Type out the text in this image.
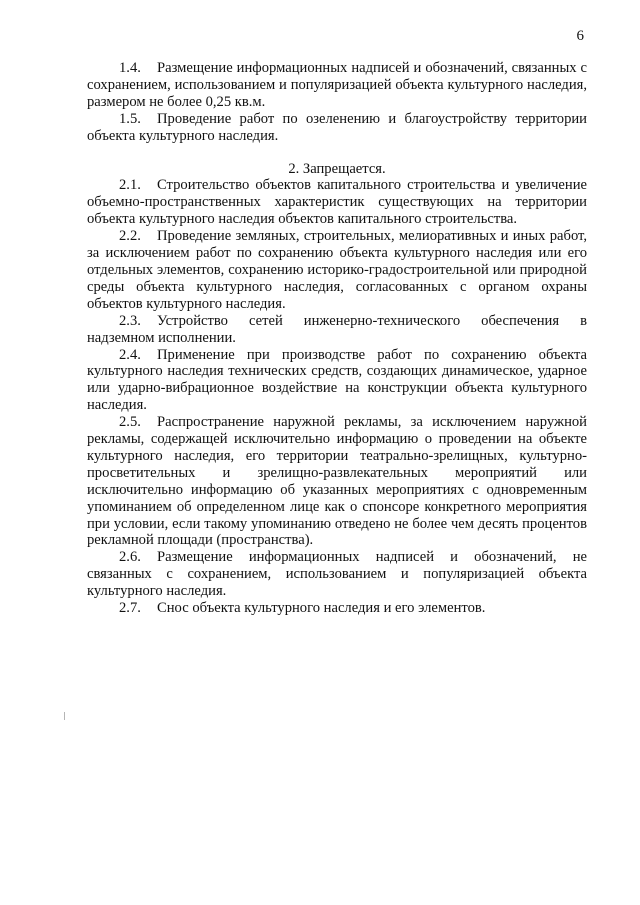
6

1.4. Размещение информационных надписей и обозначений, связанных с сохранением, использованием и популяризацией объекта культурного наследия, размером не более 0,25 кв.м.

1.5. Проведение работ по озеленению и благоустройству территории объекта культурного наследия.

2. Запрещается.

2.1. Строительство объектов капитального строительства и увеличение объемно-пространственных характеристик существующих на территории объекта культурного наследия объектов капитального строительства.

2.2. Проведение земляных, строительных, мелиоративных и иных работ, за исключением работ по сохранению объекта культурного наследия или его отдельных элементов, сохранению историко-градостроительной или природной среды объекта культурного наследия, согласованных с органом охраны объектов культурного наследия.

2.3. Устройство сетей инженерно-технического обеспечения в надземном исполнении.

2.4. Применение при производстве работ по сохранению объекта культурного наследия технических средств, создающих динамическое, ударное или ударно-вибрационное воздействие на конструкции объекта культурного наследия.

2.5. Распространение наружной рекламы, за исключением наружной рекламы, содержащей исключительно информацию о проведении на объекте культурного наследия, его территории театрально-зрелищных, культурно-просветительных и зрелищно-развлекательных мероприятий или исключительно информацию об указанных мероприятиях с одновременным упоминанием об определенном лице как о спонсоре конкретного мероприятия при условии, если такому упоминанию отведено не более чем десять процентов рекламной площади (пространства).

2.6. Размещение информационных надписей и обозначений, не связанных с сохранением, использованием и популяризацией объекта культурного наследия.

2.7. Снос объекта культурного наследия и его элементов.
